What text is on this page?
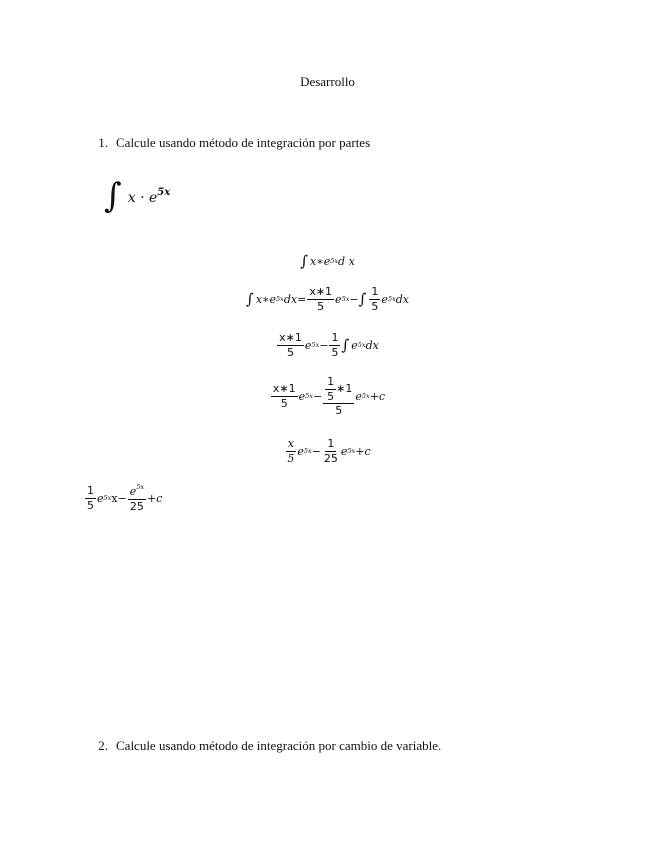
Desarrollo
1. Calcule usando método de integración por partes
∫ $x \cdot e^{5x}$
∫ x∗e 5x d x
∫ x∗e 5x $dx= \frac{x∗1}{5}$ e 5x − ∫ $\frac{1}{5}$ e 5x dx
$\frac{x∗1}{5}$ e $5x - \frac{1}{5}$ ∫ e 5x dx
$\frac{x∗1}{5}$ e $5x - \frac{\frac{1}{5} ∗1}{5}$ e 5x +c
$\frac{x}{5}$ e $5x - \frac{1}{25}$ e 5x +c
$\frac{1}{5}$ e 5x $x- \frac{e^{5x}}{25} +c$
2. Calcule usando método de integración por cambio de variable.
